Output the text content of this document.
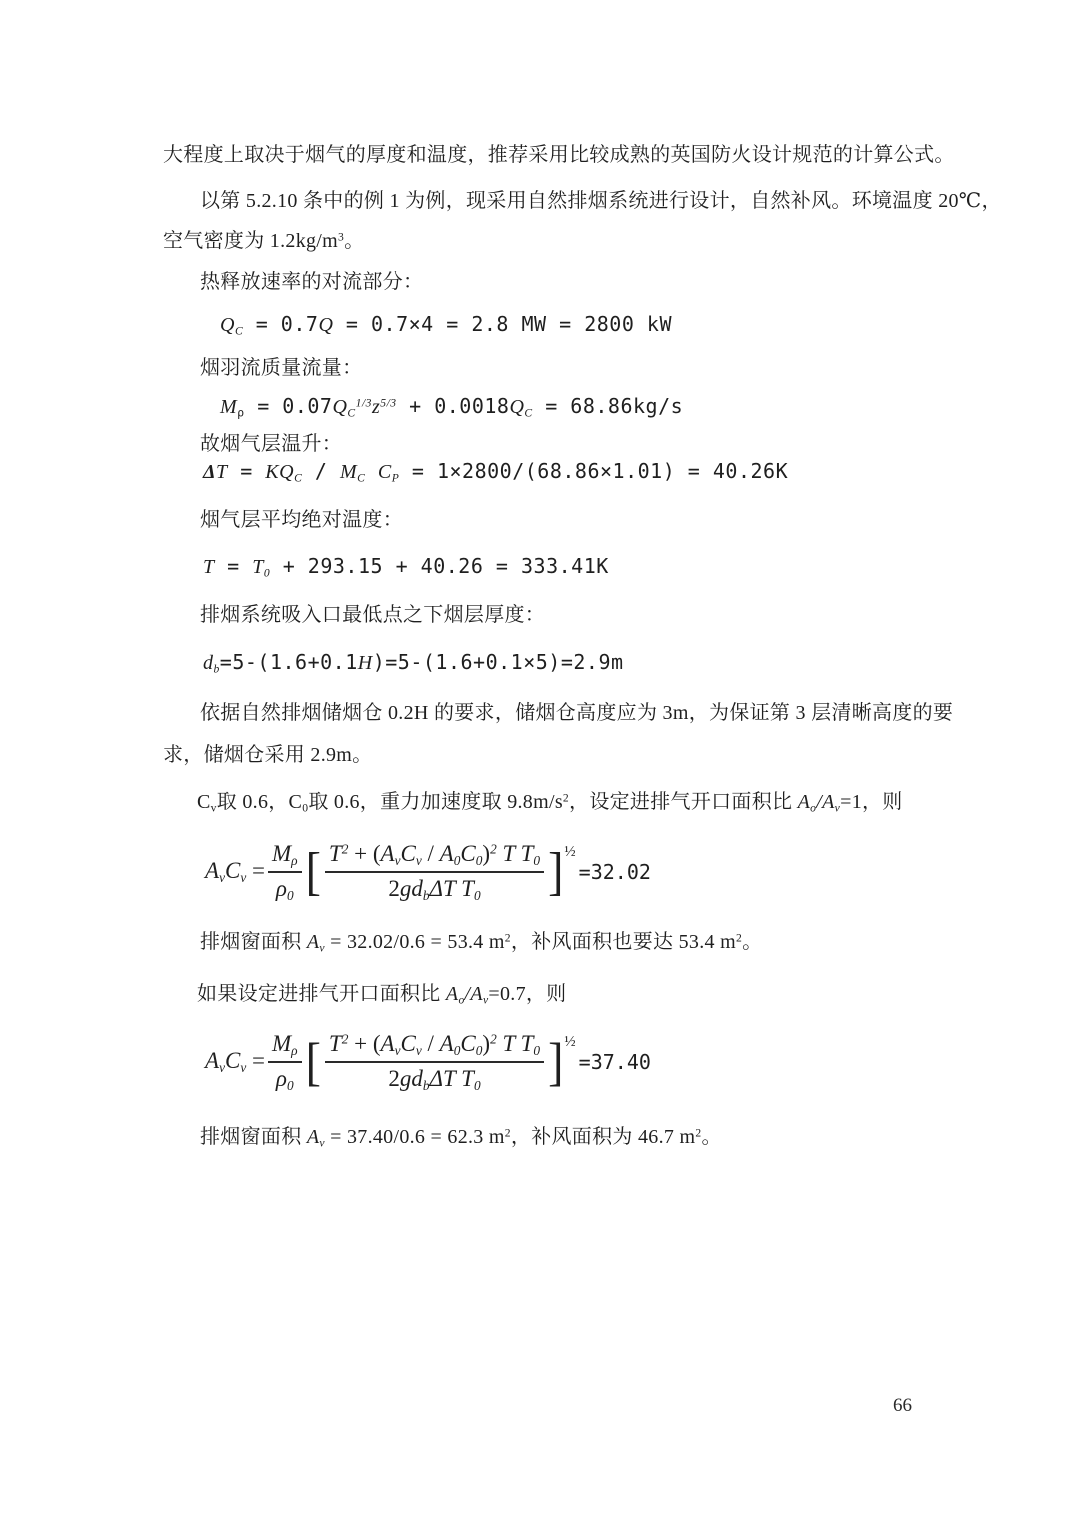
大程度上取决于烟气的厚度和温度，推荐采用比较成熟的英国防火设计规范的计算公式。
以第 5.2.10 条中的例 1 为例，现采用自然排烟系统进行设计，自然补风。环境温度 20℃，
空气密度为 $1.2kg/m^3$。
热释放速率的对流部分：
$Q_C = 0.7Q = 0.7\times 4 = 2.8$ MW = 2800 kW
烟羽流质量流量：
$M_\rho = 0.07Q_C^{1/3}z^{5/3} + 0.0018Q_C = 68.86kg/s$
故烟气层温升：
$\Delta T = KQ_C / M_C$ $C_P = 1\times 2800/(68.86\times 1.01) = 40.26K$
烟气层平均绝对温度：
$T = T_0 + 293.15 + 40.26 = 333.41K$
排烟系统吸入口最低点之下烟层厚度：
$d_b=5-(1.6+0.1H)=5-(1.6+0.1\times 5)=2.9m$
依据自然排烟储烟仓 0.2H 的要求，储烟仓高度应为 3m，为保证第 3 层清晰高度的要
求，储烟仓采用 2.9m。
$C_v$取 0.6，$C_0$取 0.6，重力加速度取 $9.8m/s^2$，设定进排气开口面积比 $A_o/A_v=1$，则
$A_vC_v = \frac{M_\rho}{\rho_0}$ [ $\frac{T^2 + (A_vC_v / A_0C_0)^2 T T_0}{2gd_b\Delta T T_0}$ ] ½
=32.02
排烟窗面积 $A_v = 32.02/0.6 = 53.4$ $m^2$，补风面积也要达 53.4 $m^2$。
如果设定进排气开口面积比 $A_o/A_v=0.7$，则
$A_vC_v = \frac{M_\rho}{\rho_0}$ [ $\frac{T^2 + (A_vC_v / A_0C_0)^2 T T_0}{2gd_b\Delta T T_0}$ ] ½
=37.40
排烟窗面积 $A_v = 37.40/0.6 = 62.3$ $m^2$，补风面积为 46.7 $m^2$。
66
